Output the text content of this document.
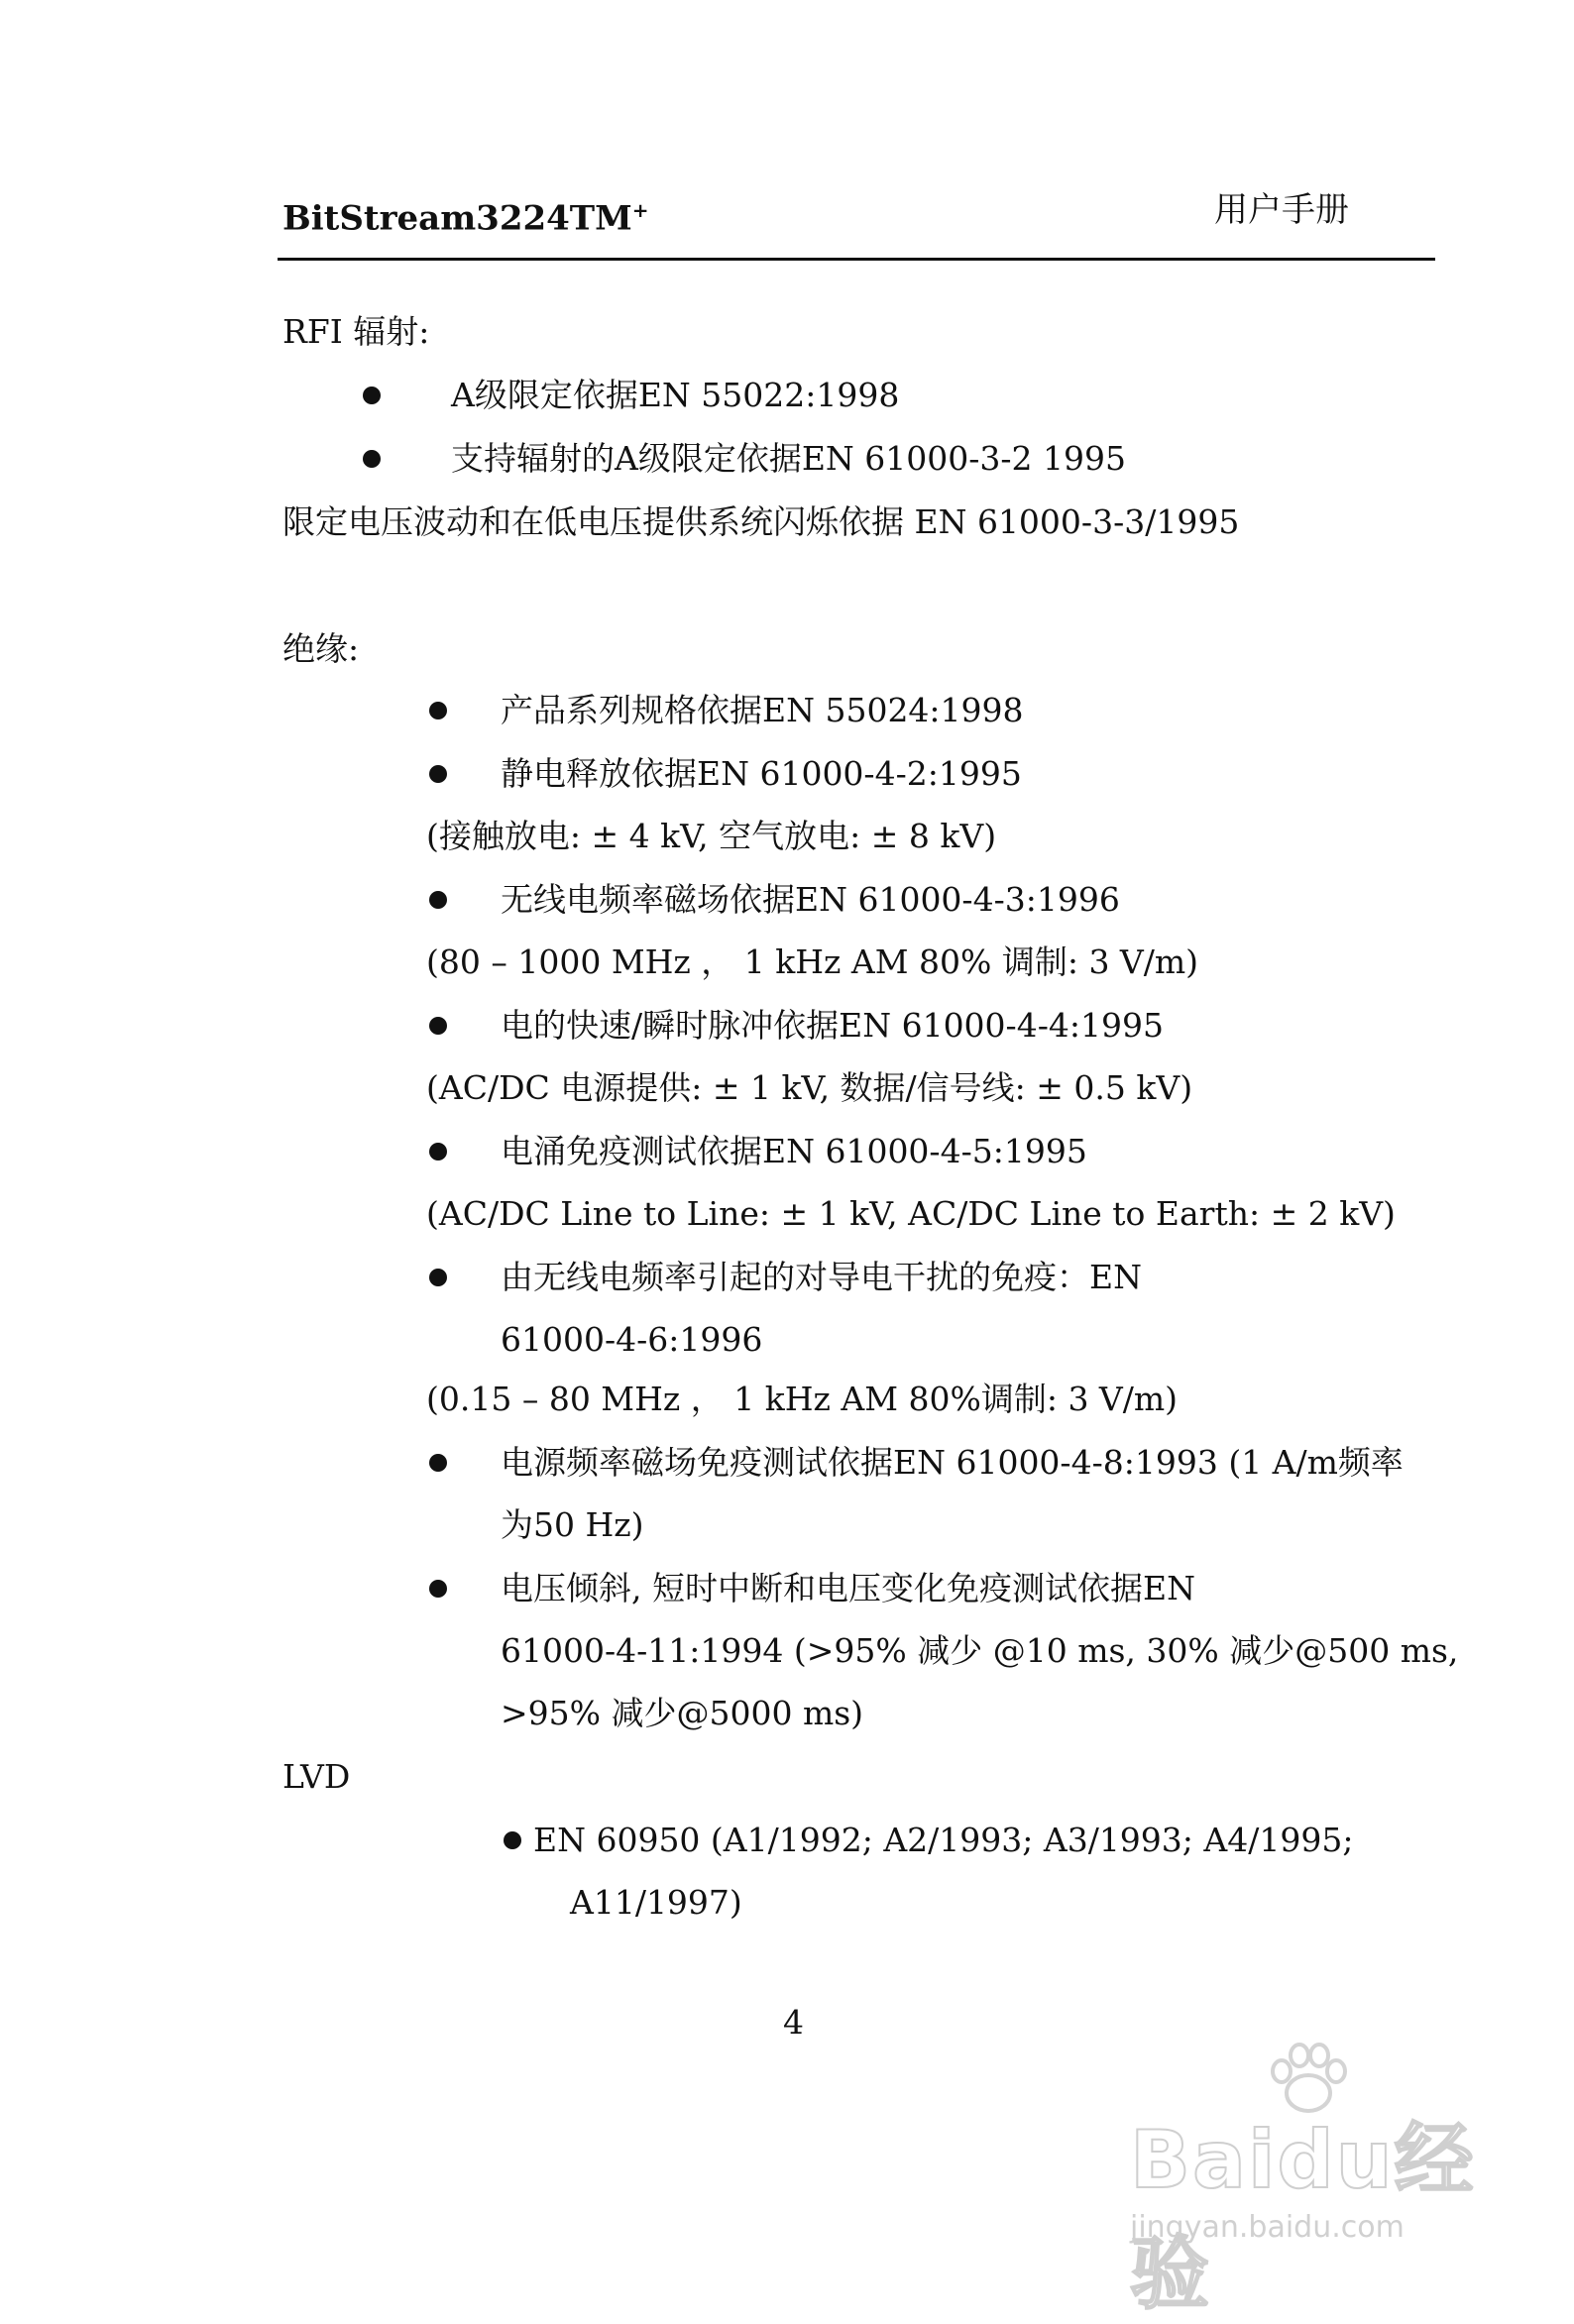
BitStream3224TM+	用户手册
RFI 辐射:
A级限定依据EN 55022:1998
支持辐射的A级限定依据EN 61000-3-2 1995
限定电压波动和在低电压提供系统闪烁依据 EN 61000-3-3/1995
绝缘:
产品系列规格依据EN 55024:1998
静电释放依据EN 61000-4-2:1995
(接触放电: ± 4 kV, 空气放电: ± 8 kV)
无线电频率磁场依据EN 61000-4-3:1996
(80 – 1000 MHz ， 1 kHz AM 80% 调制: 3 V/m)
电的快速/瞬时脉冲依据EN 61000-4-4:1995
(AC/DC 电源提供: ± 1 kV, 数据/信号线: ± 0.5 kV)
电涌免疫测试依据EN 61000-4-5:1995
(AC/DC Line to Line: ± 1 kV, AC/DC Line to Earth: ± 2 kV)
由无线电频率引起的对导电干扰的免疫：EN
61000-4-6:1996
(0.15 – 80 MHz ， 1 kHz AM 80%调制: 3 V/m)
电源频率磁场免疫测试依据EN 61000-4-8:1993 (1 A/m频率
为50 Hz)
电压倾斜, 短时中断和电压变化免疫测试依据EN
61000-4-11:1994 (>95% 减少 @10 ms, 30% 减少@500 ms,
>95% 减少@5000 ms)
LVD
EN 60950 (A1/1992; A2/1993; A3/1993; A4/1995;
A11/1997)
4
Baidu经验
jingyan.baidu.com
